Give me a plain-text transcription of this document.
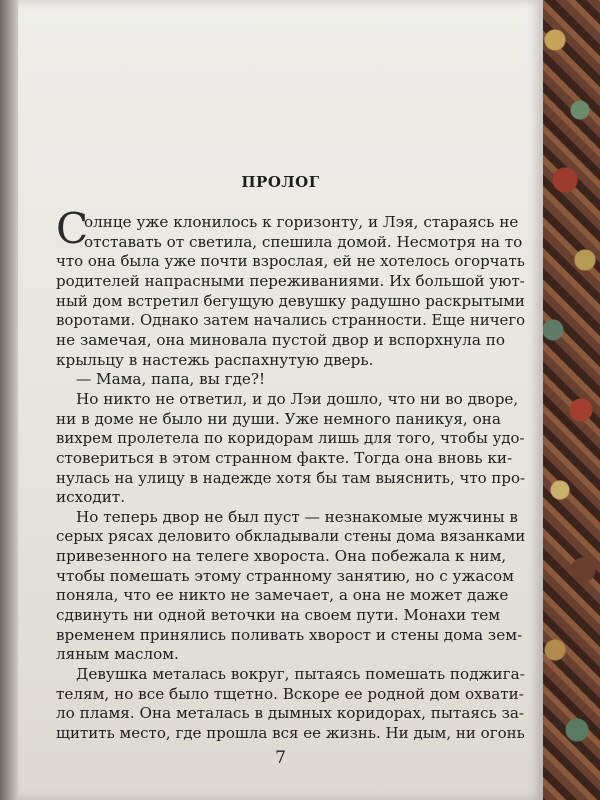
ПРОЛОГ
С
олнце уже клонилось к горизонту, и Лэя, стараясь не
отставать от светила, спешила домой. Несмотря на то
что она была уже почти взрослая, ей не хотелось огорчать
родителей напрасными переживаниями. Их большой уют-
ный дом встретил бегущую девушку радушно раскрытыми
воротами. Однако затем начались странности. Еще ничего
не замечая, она миновала пустой двор и вспорхнула по
крыльцу в настежь распахнутую дверь.
— Мама, папа, вы где?!
Но никто не ответил, и до Лэи дошло, что ни во дворе,
ни в доме не было ни души. Уже немного паникуя, она
вихрем пролетела по коридорам лишь для того, чтобы удо-
стовериться в этом странном факте. Тогда она вновь ки-
нулась на улицу в надежде хотя бы там выяснить, что про-
исходит.
Но теперь двор не был пуст — незнакомые мужчины в
серых рясах деловито обкладывали стены дома вязанками
привезенного на телеге хвороста. Она побежала к ним,
чтобы помешать этому странному занятию, но с ужасом
поняла, что ее никто не замечает, а она не может даже
сдвинуть ни одной веточки на своем пути. Монахи тем
временем принялись поливать хворост и стены дома зем-
ляным маслом.
Девушка металась вокруг, пытаясь помешать поджига-
телям, но все было тщетно. Вскоре ее родной дом охвати-
ло пламя. Она металась в дымных коридорах, пытаясь за-
щитить место, где прошла вся ее жизнь. Ни дым, ни огонь
7
